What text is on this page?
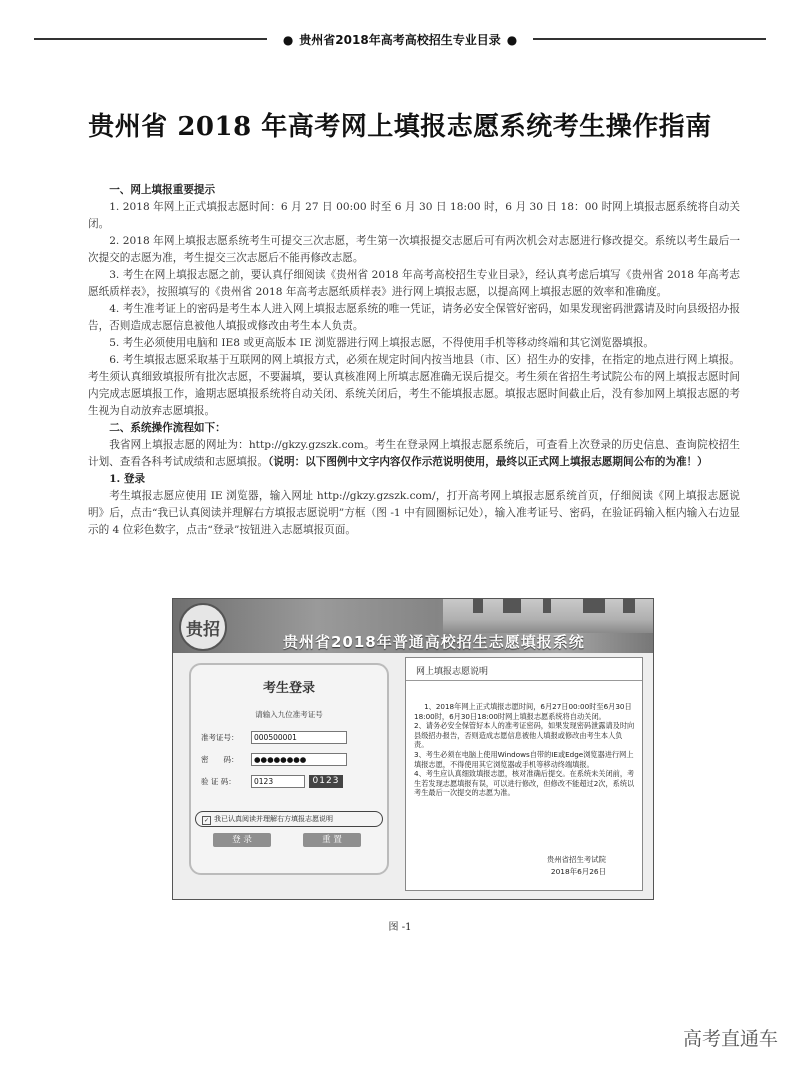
● 贵州省2018年高考高校招生专业目录 ●
贵州省 2018 年高考网上填报志愿系统考生操作指南

一、网上填报重要提示

1. 2018 年网上正式填报志愿时间：6 月 27 日 00:00 时至 6 月 30 日 18:00 时，6 月 30 日 18：00 时网上填报志愿系统将自动关闭。

2. 2018 年网上填报志愿系统考生可提交三次志愿，考生第一次填报提交志愿后可有两次机会对志愿进行修改提交。系统以考生最后一次提交的志愿为准，考生提交三次志愿后不能再修改志愿。

3. 考生在网上填报志愿之前，要认真仔细阅读《贵州省 2018 年高考高校招生专业目录》，经认真考虑后填写《贵州省 2018 年高考志愿纸质样表》，按照填写的《贵州省 2018 年高考志愿纸质样表》进行网上填报志愿，以提高网上填报志愿的效率和准确度。

4. 考生准考证上的密码是考生本人进入网上填报志愿系统的唯一凭证，请务必安全保管好密码，如果发现密码泄露请及时向县级招办报告，否则造成志愿信息被他人填报或修改由考生本人负责。

5. 考生必须使用电脑和 IE8 或更高版本 IE 浏览器进行网上填报志愿，不得使用手机等移动终端和其它浏览器填报。

6. 考生填报志愿采取基于互联网的网上填报方式，必须在规定时间内按当地县（市、区）招生办的安排，在指定的地点进行网上填报。考生须认真细致填报所有批次志愿，不要漏填，要认真核准网上所填志愿准确无误后提交。考生须在省招生考试院公布的网上填报志愿时间内完成志愿填报工作，逾期志愿填报系统将自动关闭、系统关闭后，考生不能填报志愿。填报志愿时间截止后，没有参加网上填报志愿的考生视为自动放弃志愿填报。

二、系统操作流程如下：

我省网上填报志愿的网址为：http://gkzy.gzszk.com。考生在登录网上填报志愿系统后，可查看上次登录的历史信息、查询院校招生计划、查看各科考试成绩和志愿填报。（说明：以下图例中文字内容仅作示范说明使用，最终以正式网上填报志愿期间公布的为准！）

1. 登录

考生填报志愿应使用 IE 浏览器，输入网址 http://gkzy.gzszk.com/，打开高考网上填报志愿系统首页，仔细阅读《网上填报志愿说明》后，点击“我已认真阅读并理解右方填报志愿说明”方框（图 -1 中有圆圈标记处），输入准考证号、密码，在验证码输入框内输入右边显示的 4 位彩色数字，点击“登录”按钮进入志愿填报页面。

贵招
贵州省2018年普通高校招生志愿填报系统
考生登录
请输入九位准考证号
准考证号：	000500001
密　　码：	●●●●●●●●
验 证 码：	0123	0123
✓ 我已认真阅读并理解右方填报志愿说明
登 录	重 置
网上填报志愿说明

1、2018年网上正式填报志愿时间，6月27日00:00时至6月30日18:00时，6月30日18:00时网上填报志愿系统将自动关闭。

2、请务必安全保管好本人的准考证密码，如果发现密码泄露请及时向县级招办报告，否则造成志愿信息被他人填报或修改由考生本人负责。

3、考生必须在电脑上使用Windows自带的IE或Edge浏览器进行网上填报志愿，不得使用其它浏览器或手机等移动终端填报。

4、考生应认真细致填报志愿，核对准确后提交。在系统未关闭前，考生若发现志愿填报有误，可以进行修改，但修改不能超过2次，系统以考生最后一次提交的志愿为准。

贵州省招生考试院
2018年6月26日
图 -1
高考直通车
